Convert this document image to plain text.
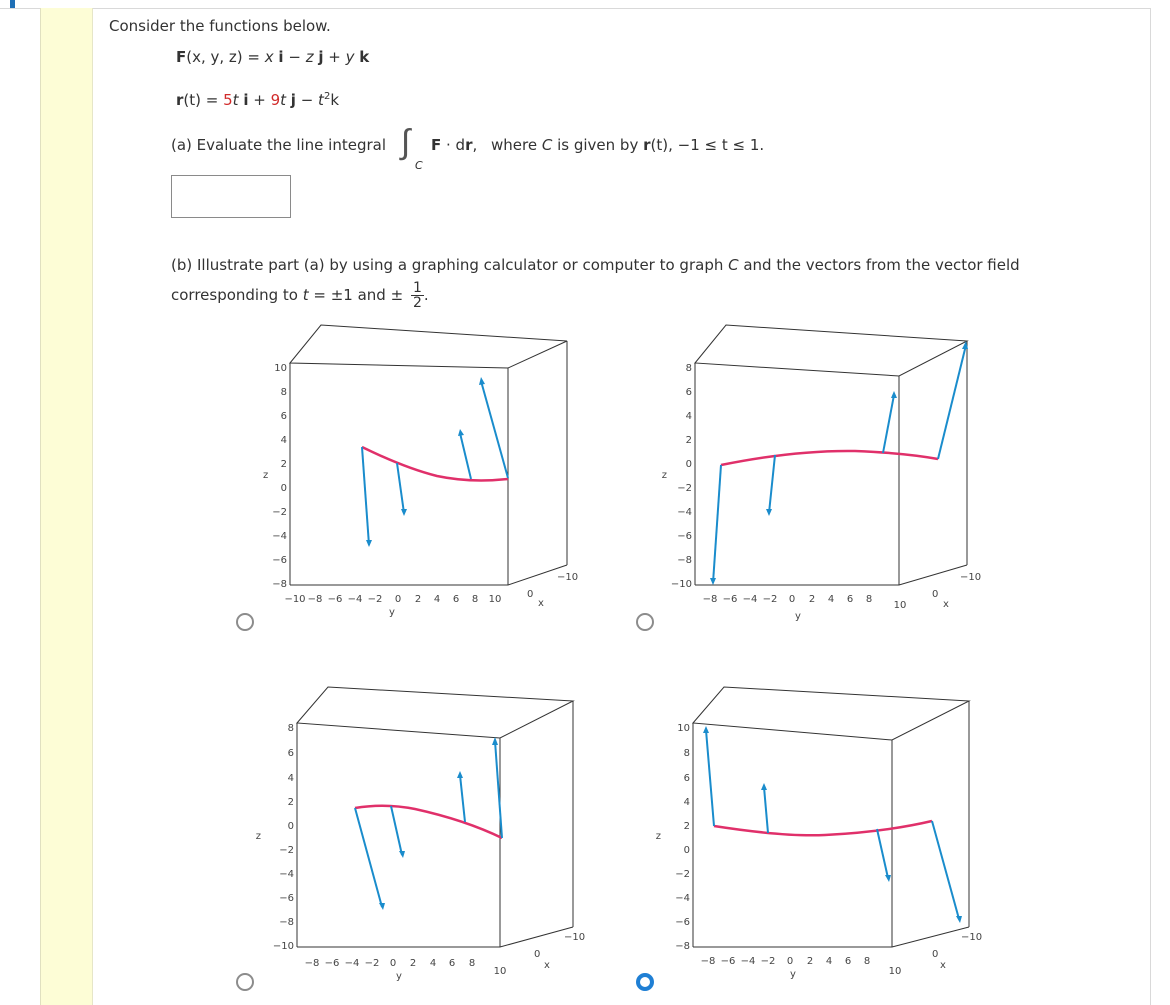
Consider the functions below.
F(x, y, z) = x i − z j + y k
r(t) = 5t i + 9t $j - t^2k$
(a) Evaluate the line integral ∫
C
F · dr, where C is given by r(t), −1 ≤ t ≤ 1.
(b) Illustrate part (a) by using a graphing calculator or computer to graph C and the vectors from the vector field
corresponding to t = ±1 and ± $\frac{1}{2}$ .
10
8
6
4
2
0
−2
−4
−6
−8
z
−10 −8 −6 −4 −2 0 2 4 6 8 10
y
−10
0
x
8
6
4
2
0
−2
−4
−6
−8
−10
z
−8 −6 −4 −2 0 2 4 6 8
10
y
−10
0
x
8
6
4
2
0
−2
−4
−6
−8
−10
z
−8 −6 −4 −2 0 2 4 6 8
10
y
−10
0
x
10
8
6
4
2
0
−2
−4
−6
−8
z
−8 −6 −4 −2 0 2 4 6 8
10
y
−10
0
x
